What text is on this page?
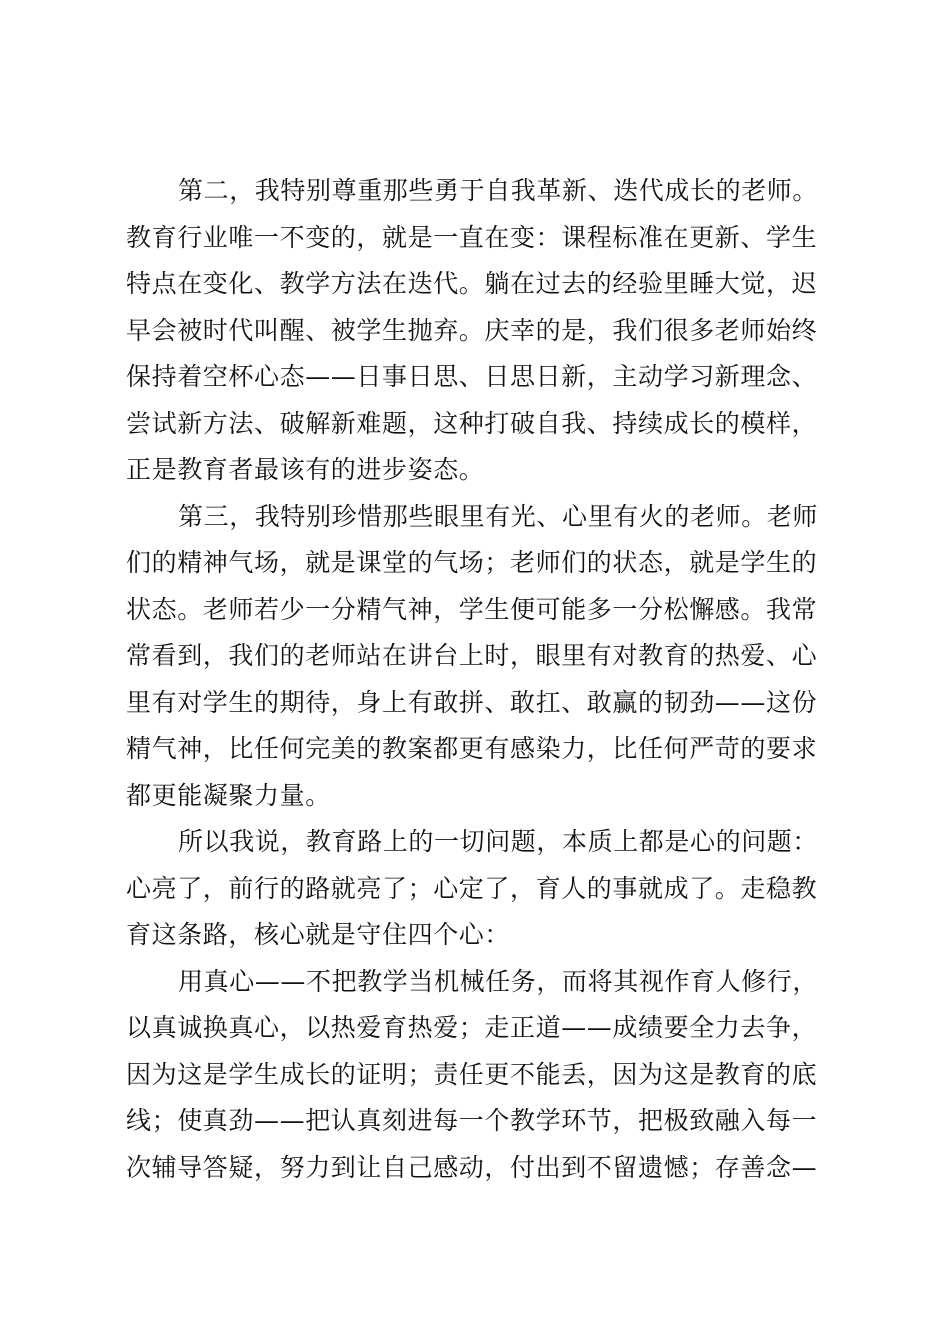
第二，我特别尊重那些勇于自我革新、迭代成长的老师。
教育行业唯一不变的，就是一直在变：课程标准在更新、学生
特点在变化、教学方法在迭代。躺在过去的经验里睡大觉，迟
早会被时代叫醒、被学生抛弃。庆幸的是，我们很多老师始终
保持着空杯心态——日事日思、日思日新，主动学习新理念、
尝试新方法、破解新难题，这种打破自我、持续成长的模样，
正是教育者最该有的进步姿态。
第三，我特别珍惜那些眼里有光、心里有火的老师。老师
们的精神气场，就是课堂的气场；老师们的状态，就是学生的
状态。老师若少一分精气神，学生便可能多一分松懈感。我常
常看到，我们的老师站在讲台上时，眼里有对教育的热爱、心
里有对学生的期待，身上有敢拼、敢扛、敢赢的韧劲——这份
精气神，比任何完美的教案都更有感染力，比任何严苛的要求
都更能凝聚力量。
所以我说，教育路上的一切问题，本质上都是心的问题：
心亮了，前行的路就亮了；心定了，育人的事就成了。走稳教
育这条路，核心就是守住四个心：
用真心——不把教学当机械任务，而将其视作育人修行，
以真诚换真心，以热爱育热爱；走正道——成绩要全力去争，
因为这是学生成长的证明；责任更不能丢，因为这是教育的底
线；使真劲——把认真刻进每一个教学环节，把极致融入每一
次辅导答疑，努力到让自己感动，付出到不留遗憾；存善念—
